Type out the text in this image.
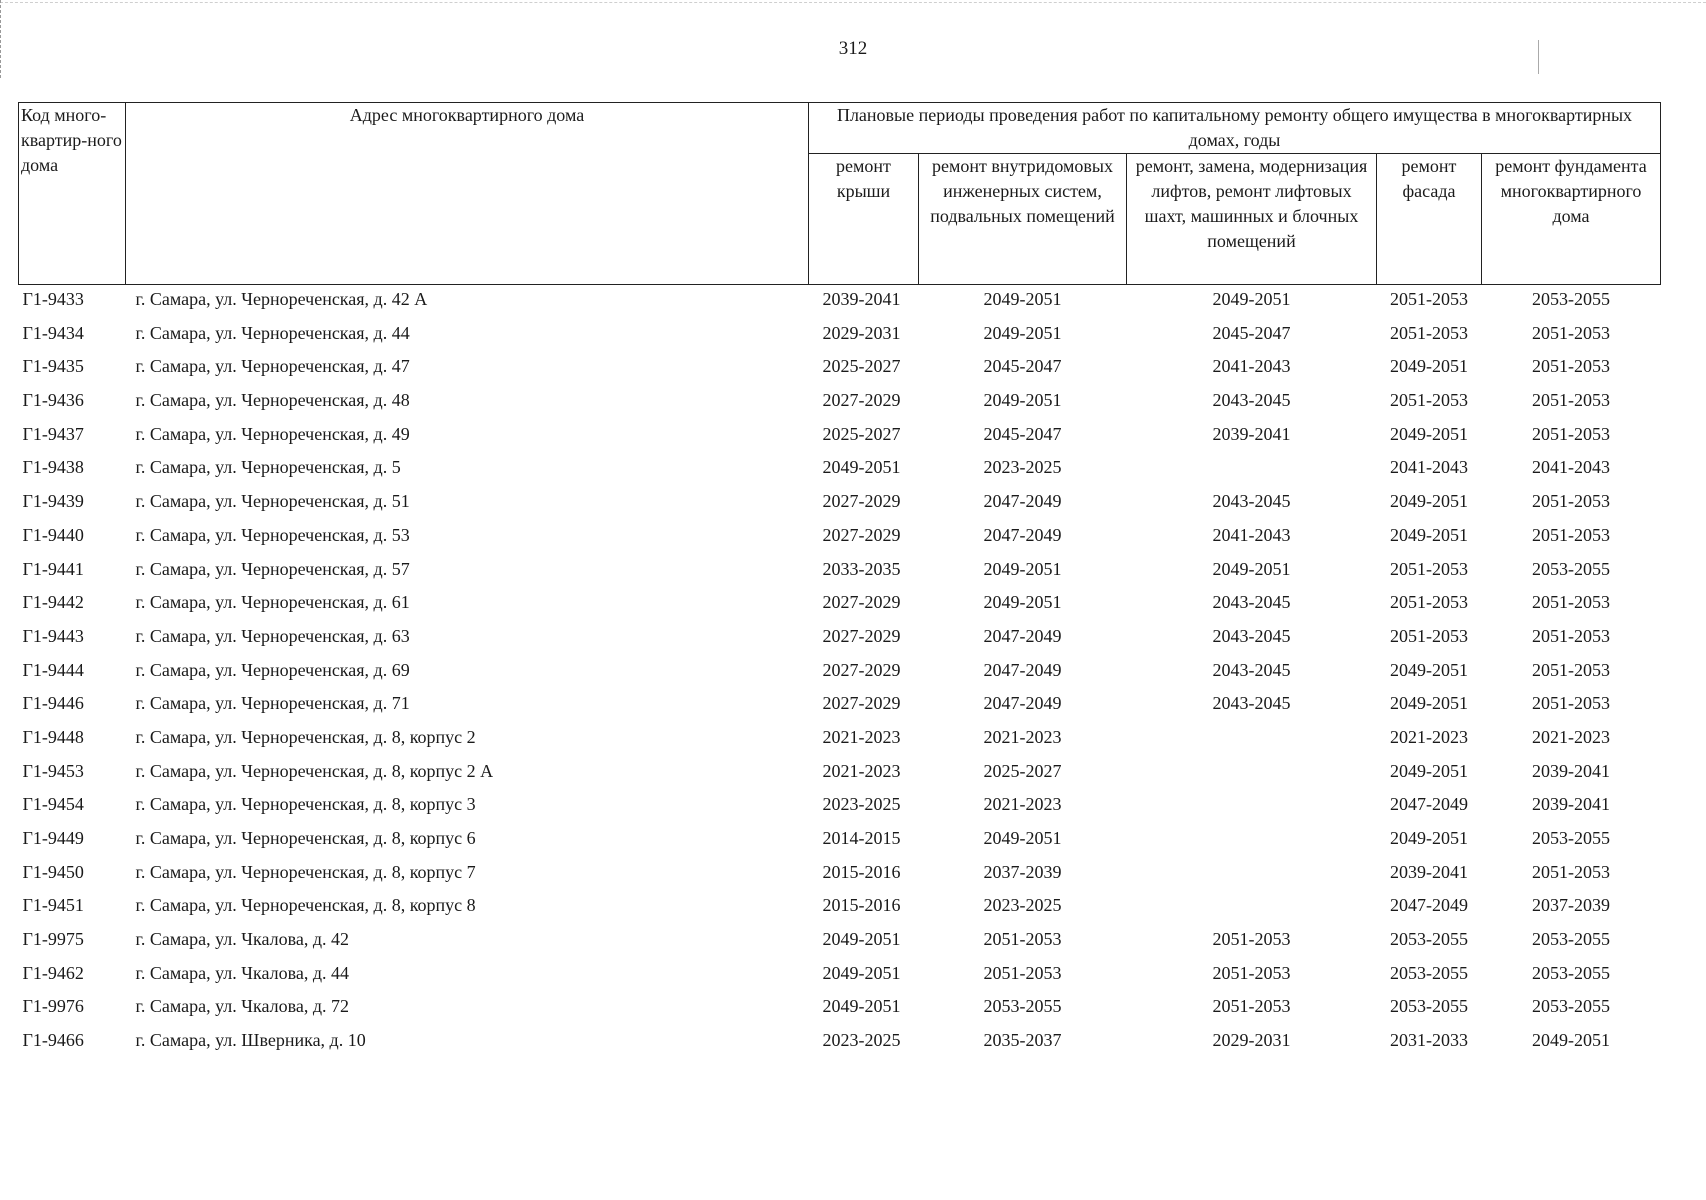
312
Код много-квартир-ного дома	Адрес многоквартирного дома	Плановые периоды проведения работ по капитальному ремонту общего имущества в многоквартирных домах, годы				
		ремонт крыши	ремонт внутридомовых инженерных систем, подвальных помещений	ремонт, замена, модернизация лифтов, ремонт лифтовых шахт, машинных и блочных помещений	ремонт фасада	ремонт фундамента многоквартирного дома
Г1-9433	г. Самара, ул. Чернореченская, д. 42 А	2039-2041	2049-2051	2049-2051	2051-2053	2053-2055
Г1-9434	г. Самара, ул. Чернореченская, д. 44	2029-2031	2049-2051	2045-2047	2051-2053	2051-2053
Г1-9435	г. Самара, ул. Чернореченская, д. 47	2025-2027	2045-2047	2041-2043	2049-2051	2051-2053
Г1-9436	г. Самара, ул. Чернореченская, д. 48	2027-2029	2049-2051	2043-2045	2051-2053	2051-2053
Г1-9437	г. Самара, ул. Чернореченская, д. 49	2025-2027	2045-2047	2039-2041	2049-2051	2051-2053
Г1-9438	г. Самара, ул. Чернореченская, д. 5	2049-2051	2023-2025		2041-2043	2041-2043
Г1-9439	г. Самара, ул. Чернореченская, д. 51	2027-2029	2047-2049	2043-2045	2049-2051	2051-2053
Г1-9440	г. Самара, ул. Чернореченская, д. 53	2027-2029	2047-2049	2041-2043	2049-2051	2051-2053
Г1-9441	г. Самара, ул. Чернореченская, д. 57	2033-2035	2049-2051	2049-2051	2051-2053	2053-2055
Г1-9442	г. Самара, ул. Чернореченская, д. 61	2027-2029	2049-2051	2043-2045	2051-2053	2051-2053
Г1-9443	г. Самара, ул. Чернореченская, д. 63	2027-2029	2047-2049	2043-2045	2051-2053	2051-2053
Г1-9444	г. Самара, ул. Чернореченская, д. 69	2027-2029	2047-2049	2043-2045	2049-2051	2051-2053
Г1-9446	г. Самара, ул. Чернореченская, д. 71	2027-2029	2047-2049	2043-2045	2049-2051	2051-2053
Г1-9448	г. Самара, ул. Чернореченская, д. 8, корпус 2	2021-2023	2021-2023		2021-2023	2021-2023
Г1-9453	г. Самара, ул. Чернореченская, д. 8, корпус 2 А	2021-2023	2025-2027		2049-2051	2039-2041
Г1-9454	г. Самара, ул. Чернореченская, д. 8, корпус 3	2023-2025	2021-2023		2047-2049	2039-2041
Г1-9449	г. Самара, ул. Чернореченская, д. 8, корпус 6	2014-2015	2049-2051		2049-2051	2053-2055
Г1-9450	г. Самара, ул. Чернореченская, д. 8, корпус 7	2015-2016	2037-2039		2039-2041	2051-2053
Г1-9451	г. Самара, ул. Чернореченская, д. 8, корпус 8	2015-2016	2023-2025		2047-2049	2037-2039
Г1-9975	г. Самара, ул. Чкалова, д. 42	2049-2051	2051-2053	2051-2053	2053-2055	2053-2055
Г1-9462	г. Самара, ул. Чкалова, д. 44	2049-2051	2051-2053	2051-2053	2053-2055	2053-2055
Г1-9976	г. Самара, ул. Чкалова, д. 72	2049-2051	2053-2055	2051-2053	2053-2055	2053-2055
Г1-9466	г. Самара, ул. Шверника, д. 10	2023-2025	2035-2037	2029-2031	2031-2033	2049-2051
